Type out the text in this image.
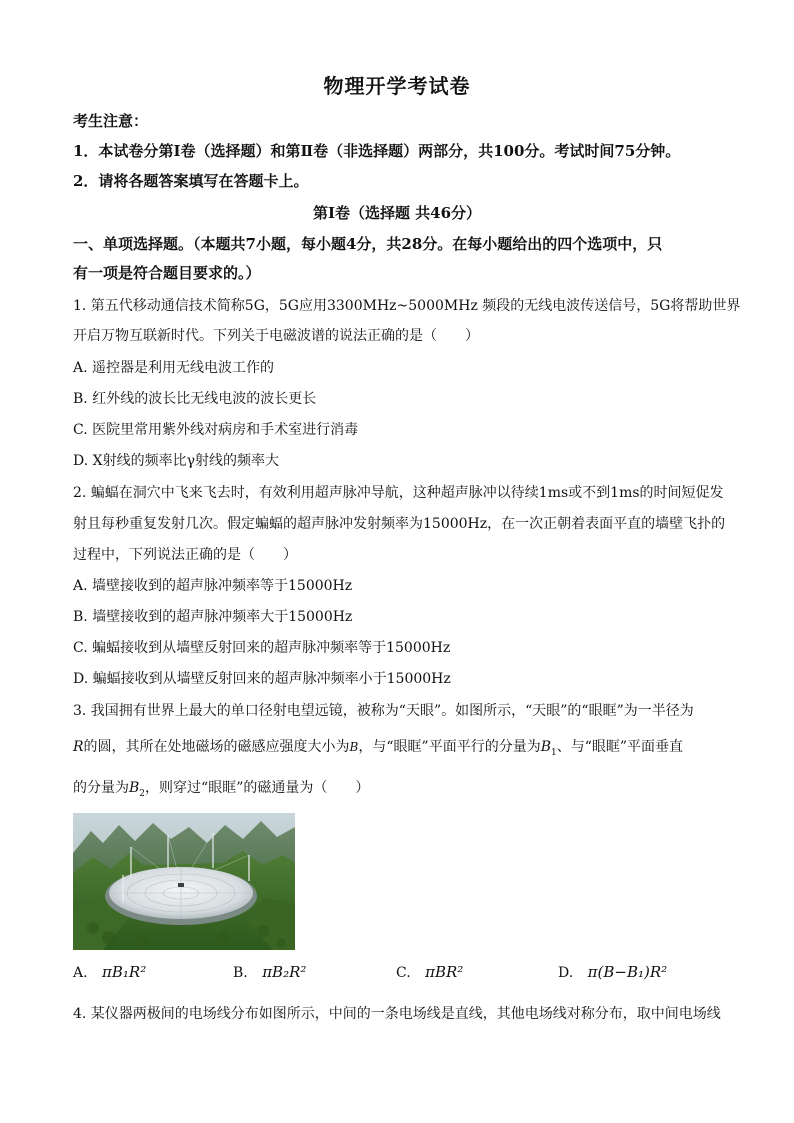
物理开学考试卷
考生注意：
1．本试卷分第Ⅰ卷（选择题）和第Ⅱ卷（非选择题）两部分，共100分。考试时间75分钟。
2．请将各题答案填写在答题卡上。
第Ⅰ卷（选择题 共46分）
一、单项选择题。（本题共7小题，每小题4分，共28分。在每小题给出的四个选项中，只
有一项是符合题目要求的。）
1. 第五代移动通信技术简称5G，5G应用3300MHz~5000MHz 频段的无线电波传送信号，5G将帮助世界
开启万物互联新时代。下列关于电磁波谱的说法正确的是（　　）
A. 遥控器是利用无线电波工作的
B. 红外线的波长比无线电波的波长更长
C. 医院里常用紫外线对病房和手术室进行消毒
D. X射线的频率比γ射线的频率大
2. 蝙蝠在洞穴中飞来飞去时，有效利用超声脉冲导航，这种超声脉冲以待续1ms或不到1ms的时间短促发
射且每秒重复发射几次。假定蝙蝠的超声脉冲发射频率为15000Hz，在一次正朝着表面平直的墙壁飞扑的
过程中，下列说法正确的是（　　）
A. 墙壁接收到的超声脉冲频率等于15000Hz
B. 墙壁接收到的超声脉冲频率大于15000Hz
C. 蝙蝠接收到从墙壁反射回来的超声脉冲频率等于15000Hz
D. 蝙蝠接收到从墙壁反射回来的超声脉冲频率小于15000Hz
3. 我国拥有世界上最大的单口径射电望远镜，被称为“天眼”。如图所示，“天眼”的“眼眶”为一半径为
R的圆，其所在处地磁场的磁感应强度大小为B，与“眼眶”平面平行的分量为$B_1$、与“眼眶”平面垂直
的分量为$B_2$，则穿过“眼眶”的磁通量为（　　）
A. πB₁R²	B. πB₂R²	C. πBR²	D. π(B−B₁)R²
4. 某仪器两极间的电场线分布如图所示，中间的一条电场线是直线，其他电场线对称分布，取中间电场线
